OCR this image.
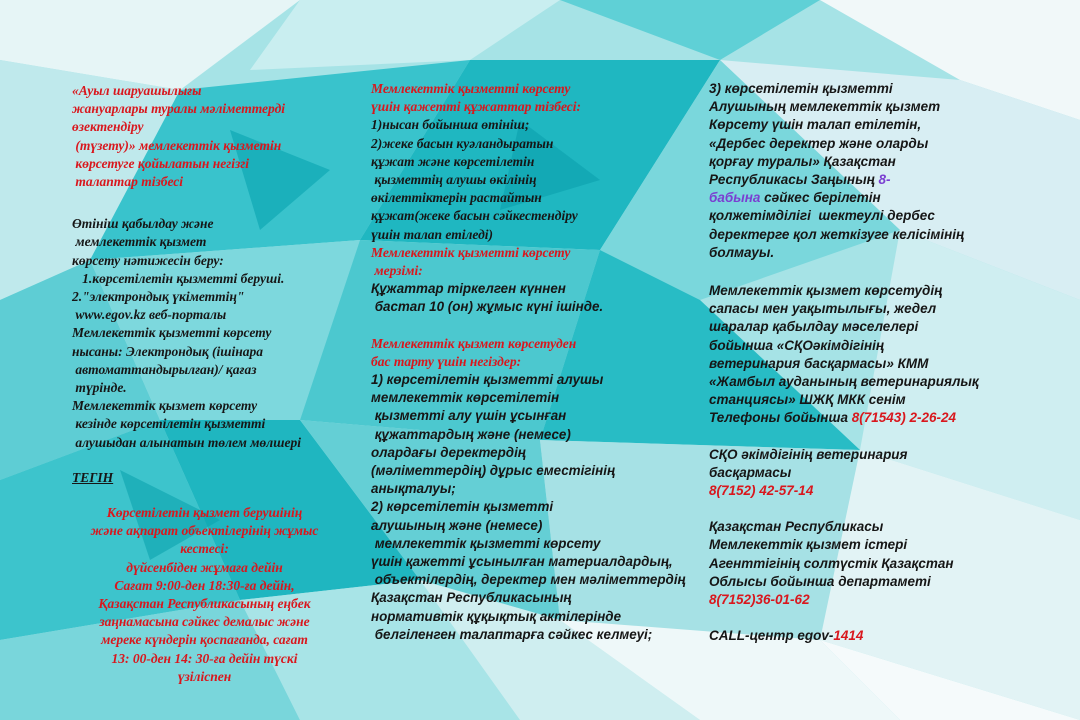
«Ауыл шаруашылығы

жануарлары туралы мәліметтерді

өзектендіру

(түзету)» мемлекеттік қызметін

көрсетуге қойылатын негізгі

талаптар тізбесі

Өтініш қабылдау және

мемлекеттік қызмет

көрсету нәтижесін беру:

1.көрсетілетін қызметті беруші.

2."электрондық үкіметтің"

www.egov.kz веб-порталы

Мемлекеттік қызметті көрсету

нысаны: Электрондық (ішінара

автоматтандырылған)/ қағаз

түрінде.

Мемлекеттік қызмет көрсету

кезінде көрсетілетін қызметті

алушыдан алынатын төлем мөлшері

ТЕГІН

Көрсетілетін қызмет берушінің

және ақпарат объектілерінің жұмыс

кестесі:

дүйсенбіден жұмаға дейін

Сағат 9:00-ден 18:30-ға дейін,

Қазақстан Республикасының еңбек

заңнамасына сәйкес демалыс және

мереке күндерін қоспағанда, сағат

13: 00-ден 14: 30-ға дейін түскі

үзіліспен

Мемлекеттік қызметті көрсету

үшін қажетті құжаттар тізбесі:

1)нысан бойынша өтініш;

2)жеке басын куәландыратын

құжат және көрсетілетін

қызметтің алушы өкілінің

өкілеттіктерін растайтын

құжат(жеке басын сәйкестендіру

үшін талап етіледі)

Мемлекеттік қызметті көрсету

мерзімі:

Құжаттар тіркелген күннен

бастап 10 (он) жұмыс күні ішінде.

Мемлекеттік қызмет көрсетуден

бас тарту үшін негіздер:

1) көрсетілетін қызметті алушы

мемлекеттік көрсетілетін

қызметті алу үшін ұсынған

құжаттардың және (немесе)

олардағы деректердің

(мәліметтердің) дұрыс еместігінің

анықталуы;

2) көрсетілетін қызметті

алушының және (немесе)

мемлекеттік қызметті көрсету

үшін қажетті ұсынылған материалдардың,

объектілердің, деректер мен мәліметтердің

Қазақстан Республикасының

нормативтік құқықтық актілерінде

белгіленген талаптарға сәйкес келмеуі;

3) көрсетілетін қызметті

Алушының мемлекеттік қызмет

Көрсету үшін талап етілетін,

«Дербес деректер және оларды

қорғау туралы» Қазақстан

Республикасы Заңының 8-

бабына сәйкес берілетін

қолжетімділігі  шектеулі дербес

деректерге қол жеткізуге келісімінің

болмауы.

Мемлекеттік қызмет көрсетудің

сапасы мен уақытылығы, жедел

шаралар қабылдау мәселелері

бойынша «СҚОәкімдігінің

ветеринария басқармасы» КММ

«Жамбыл ауданының ветеринариялық

станциясы» ШЖҚ МКК сенім

Телефоны бойынша 8(71543) 2-26-24

СҚО әкімдігінің ветеринария

басқармасы

8(7152) 42-57-14

Қазақстан Республикасы

Мемлекеттік қызмет істері

Агенттігінің солтүстік Қазақстан

Облысы бойынша департаметі

8(7152)36-01-62

CALL-центр egov-1414
